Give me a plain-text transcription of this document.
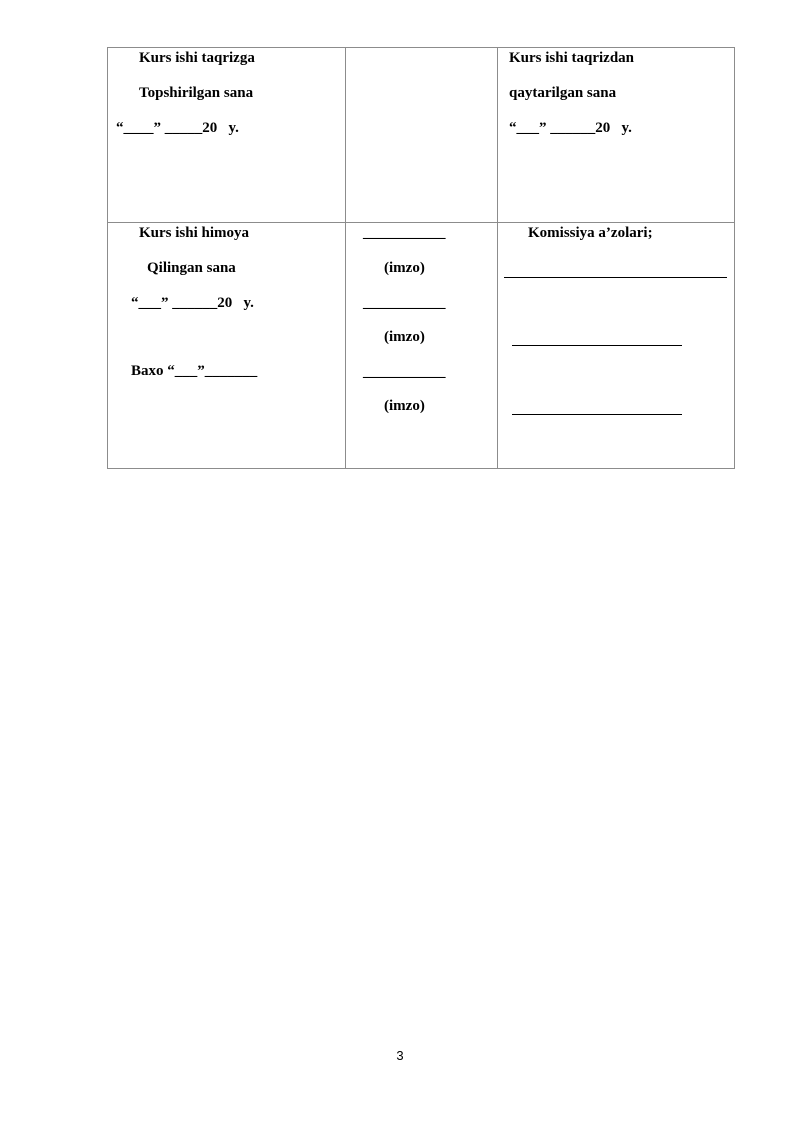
Kurs ishi taqrizga
Topshirilgan sana
“____” _____20   y.
Kurs ishi taqrizdan
qaytarilgan sana
“___” ______20   y.
Kurs ishi himoya
Qilingan sana
“___” ______20   y.
Baxo “___”_______
___________
(imzo)
___________
(imzo)
___________
(imzo)
Komissiya a’zolari;
3
